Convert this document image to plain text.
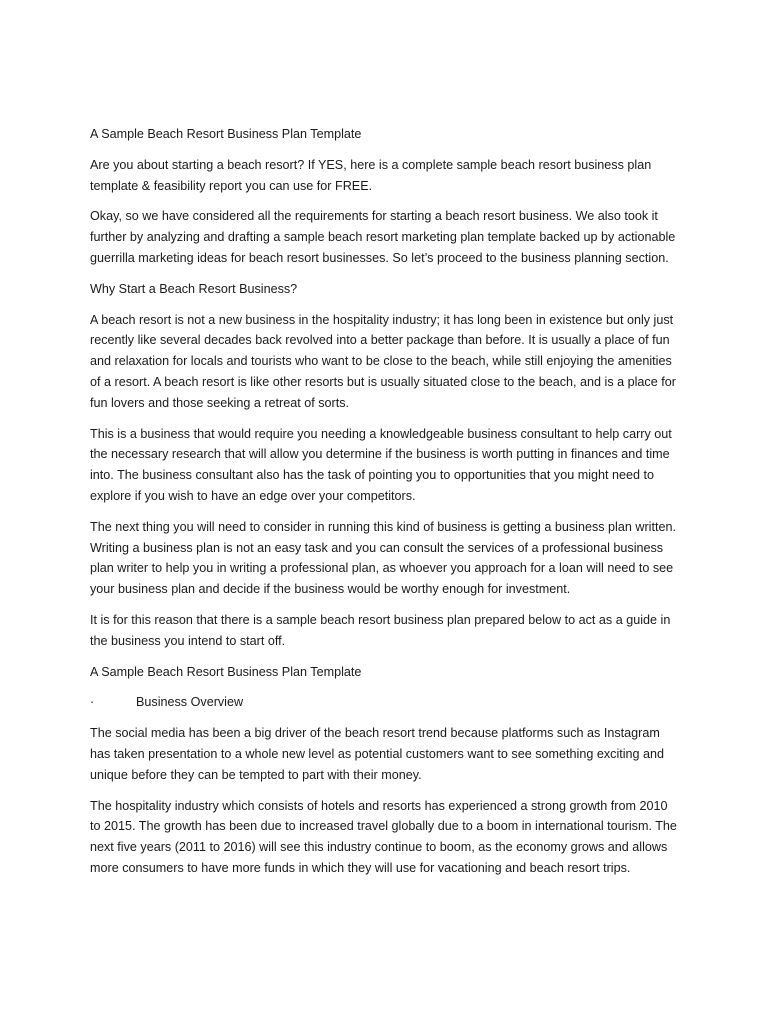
A Sample Beach Resort Business Plan Template

Are you about starting a beach resort? If YES, here is a complete sample beach resort business plan template & feasibility report you can use for FREE.

Okay, so we have considered all the requirements for starting a beach resort business. We also took it further by analyzing and drafting a sample beach resort marketing plan template backed up by actionable guerrilla marketing ideas for beach resort businesses. So let’s proceed to the business planning section.

Why Start a Beach Resort Business?

A beach resort is not a new business in the hospitality industry; it has long been in existence but only just recently like several decades back revolved into a better package than before. It is usually a place of fun and relaxation for locals and tourists who want to be close to the beach, while still enjoying the amenities of a resort. A beach resort is like other resorts but is usually situated close to the beach, and is a place for fun lovers and those seeking a retreat of sorts.

This is a business that would require you needing a knowledgeable business consultant to help carry out the necessary research that will allow you determine if the business is worth putting in finances and time into. The business consultant also has the task of pointing you to opportunities that you might need to explore if you wish to have an edge over your competitors.

The next thing you will need to consider in running this kind of business is getting a business plan written. Writing a business plan is not an easy task and you can consult the services of a professional business plan writer to help you in writing a professional plan, as whoever you approach for a loan will need to see your business plan and decide if the business would be worthy enough for investment.

It is for this reason that there is a sample beach resort business plan prepared below to act as a guide in the business you intend to start off.

A Sample Beach Resort Business Plan Template

·	Business Overview

The social media has been a big driver of the beach resort trend because platforms such as Instagram has taken presentation to a whole new level as potential customers want to see something exciting and unique before they can be tempted to part with their money.

The hospitality industry which consists of hotels and resorts has experienced a strong growth from 2010 to 2015. The growth has been due to increased travel globally due to a boom in international tourism. The next five years (2011 to 2016) will see this industry continue to boom, as the economy grows and allows more consumers to have more funds in which they will use for vacationing and beach resort trips.
